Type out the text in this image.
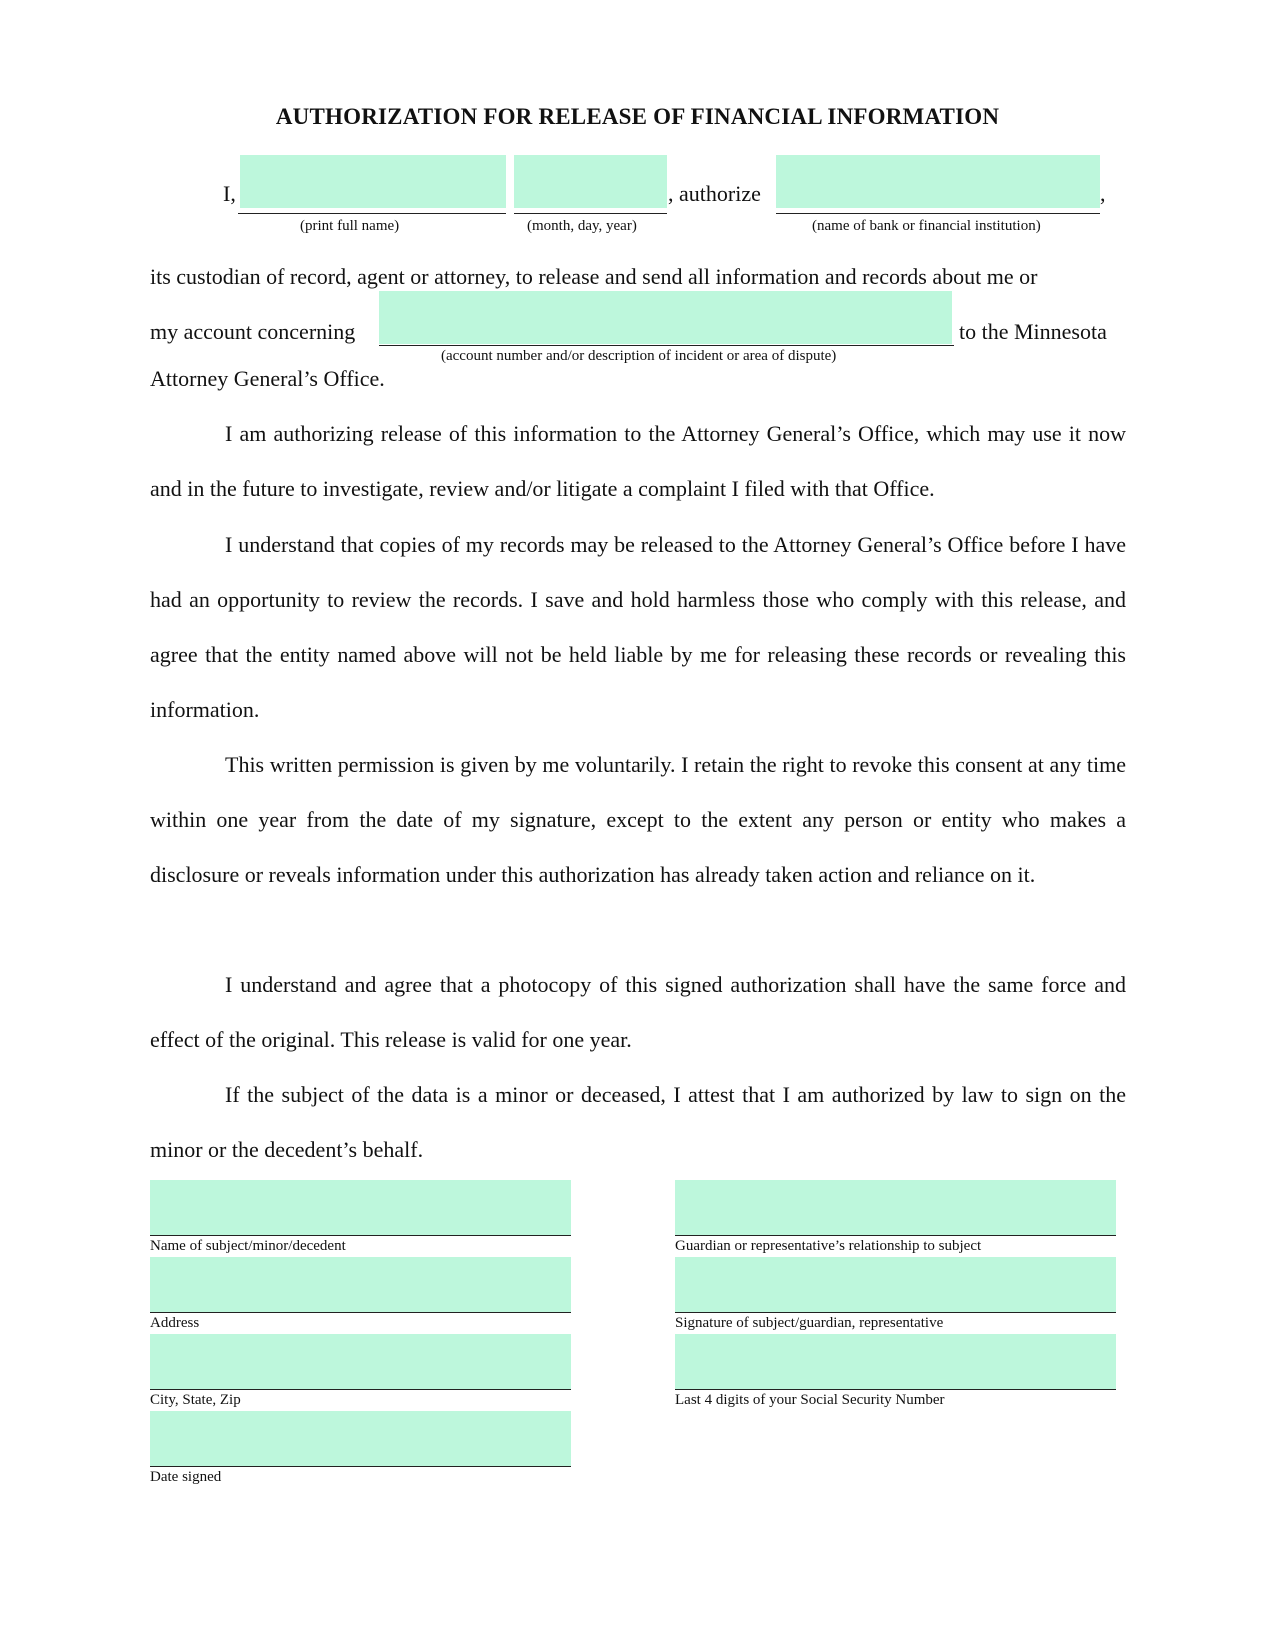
AUTHORIZATION FOR RELEASE OF FINANCIAL INFORMATION
I,	, authorize	,
(print full name)	(month, day, year)	(name of bank or financial institution)
its custodian of record, agent or attorney, to release and send all information and records about me or
my account concerning	to the Minnesota
(account number and/or description of incident or area of dispute)
Attorney General’s Office.

I am authorizing release of this information to the Attorney General’s Office, which may use it now and in the future to investigate, review and/or litigate a complaint I filed with that Office.

I understand that copies of my records may be released to the Attorney General’s Office before I have had an opportunity to review the records. I save and hold harmless those who comply with this release, and agree that the entity named above will not be held liable by me for releasing these records or revealing this information.

This written permission is given by me voluntarily. I retain the right to revoke this consent at any time within one year from the date of my signature, except to the extent any person or entity who makes a disclosure or reveals information under this authorization has already taken action and reliance on it.

I understand and agree that a photocopy of this signed authorization shall have the same force and effect of the original. This release is valid for one year.

If the subject of the data is a minor or deceased, I attest that I am authorized by law to sign on the minor or the decedent’s behalf.

Name of subject/minor/decedent
Address
City, State, Zip
Date signed
Guardian or representative’s relationship to subject
Signature of subject/guardian, representative
Last 4 digits of your Social Security Number
